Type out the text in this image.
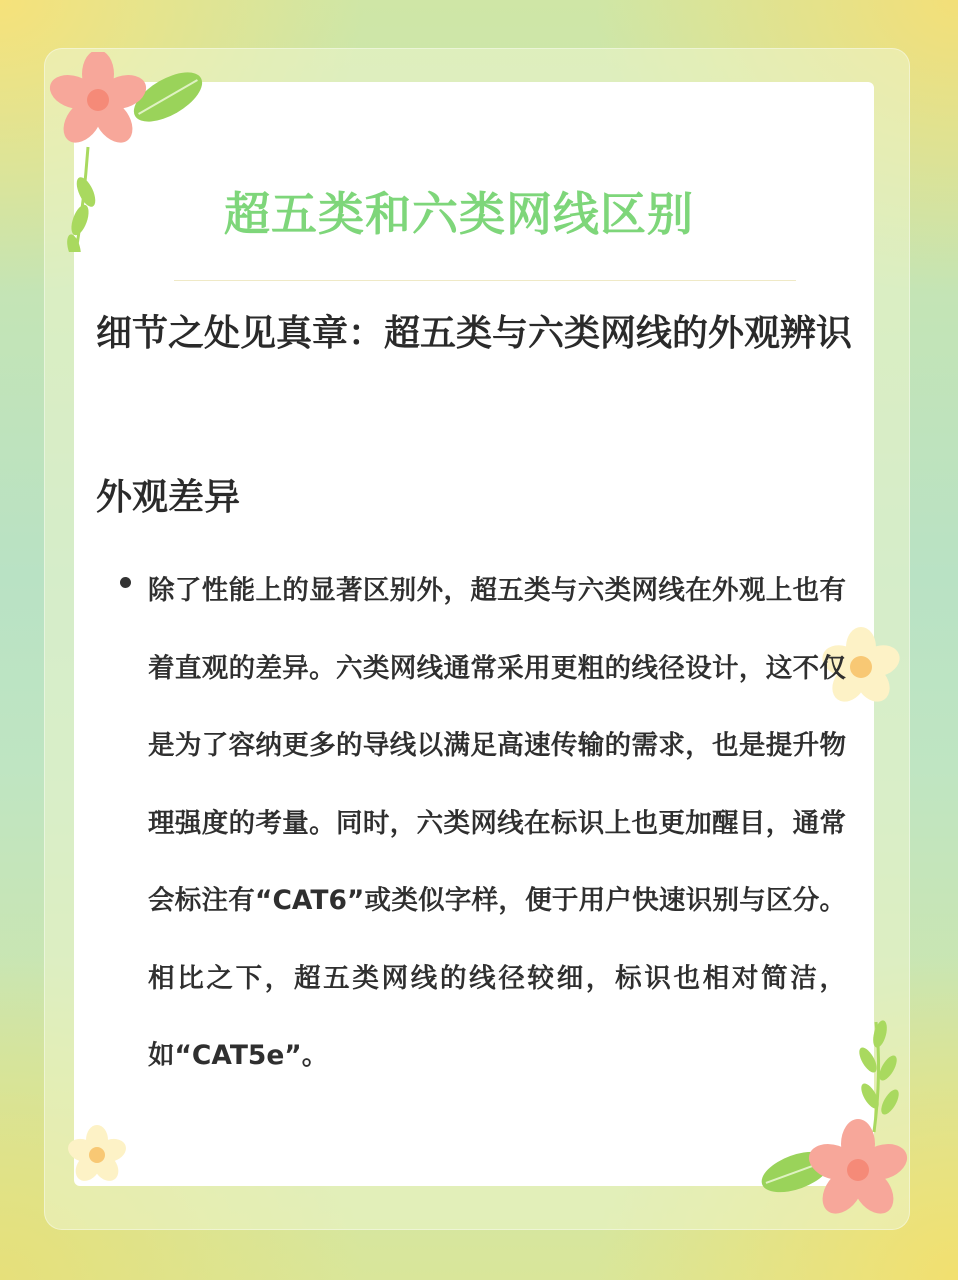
超五类和六类网线区别
细节之处见真章：超五类与六类网线的外观辨识
外观差异

除了性能上的显著区别外，超五类与六类网线在外观上也有着直观的差异。六类网线通常采用更粗的线径设计，这不仅是为了容纳更多的导线以满足高速传输的需求，也是提升物理强度的考量。同时，六类网线在标识上也更加醒目，通常会标注有“CAT6”或类似字样，便于用户快速识别与区分。相比之下，超五类网线的线径较细，标识也相对简洁，如“CAT5e”。
